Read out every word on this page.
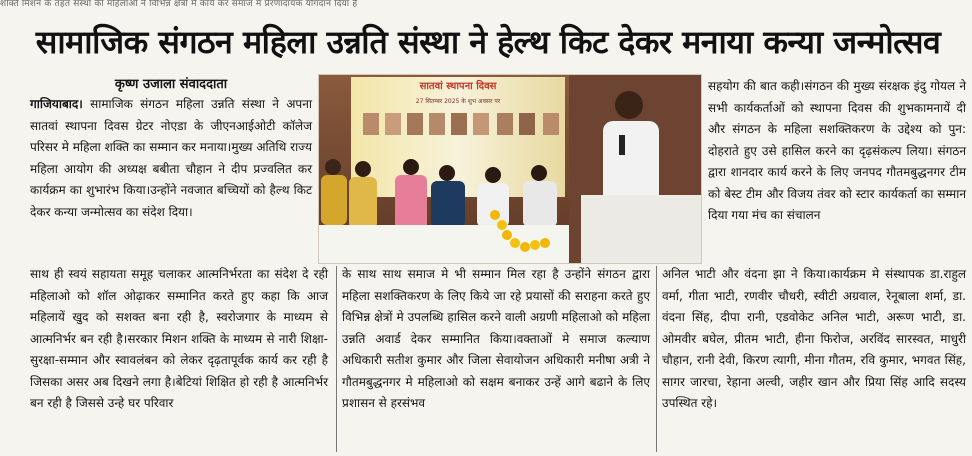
शक्ति मिशन के तहत संस्था की महिलाओं ने विभिन्न क्षेत्रों में कार्य कर समाज में प्रेरणादायक योगदान दिया है
सामाजिक संगठन महिला उन्नति संस्था ने हेल्थ किट देकर मनाया कन्या जन्मोत्सव

कृष्ण उजाला संवाददाता

गाजियाबाद। सामाजिक संगठन महिला उन्नति संस्था ने अपना सातवां स्थापना दिवस ग्रेटर नोएडा के जीएनआईओटी कॉलेज परिसर मे महिला शक्ति का सम्मान कर मनाया।मुख्य अतिथि राज्य महिला आयोग की अध्यक्ष बबीता चौहान ने दीप प्रज्वलित कर कार्यक्रम का शुभारंभ किया।उन्होंने नवजात बच्चियों को हैल्थ किट देकर कन्या जन्मोत्सव का संदेश दिया।

साथ ही स्वयं सहायता समूह चलाकर आत्मनिर्भरता का संदेश दे रही महिलाओ को शॉल ओढ़ाकर सम्मानित करते हुए कहा कि आज महिलायें खुद को सशक्त बना रही है, स्वरोजगार के माध्यम से आत्मनिर्भर बन रही है।सरकार मिशन शक्ति के माध्यम से नारी शिक्षा-सुरक्षा-सम्मान और स्वावलंबन को लेकर दृढ़तापूर्वक कार्य कर रही है जिसका असर अब दिखने लगा है।बेटियां शिक्षित हो रही है आत्मनिर्भर बन रही है जिससे उन्हे घर परिवार

के साथ साथ समाज मे भी सम्मान मिल रहा है उन्होंने संगठन द्वारा महिला सशक्तिकरण के लिए किये जा रहे प्रयासों की सराहना करते हुए विभिन्न क्षेत्रों मे उपलब्धि हासिल करने वाली अग्रणी महिलाओ को महिला उन्नति अवार्ड देकर सम्मानित किया।वक्ताओं मे समाज कल्याण अधिकारी सतीश कुमार और जिला सेवायोजन अधिकारी मनीषा अत्री ने गौतमबुद्धनगर मे महिलाओ को सक्षम बनाकर उन्हें आगे बढाने के लिए प्रशासन से हरसंभव

सहयोग की बात कही।संगठन की मुख्य संरक्षक इंदु गोयल ने सभी कार्यकर्ताओं को स्थापना दिवस की शुभकामनायें दी और संगठन के महिला सशक्तिकरण के उद्देश्य को पुन: दोहराते हुए उसे हासिल करने का दृढ़संकल्प लिया। संगठन द्वारा शानदार कार्य करने के लिए जनपद गौतमबुद्धनगर टीम को बेस्ट टीम और विजय तंवर को स्टार कार्यकर्ता का सम्मान दिया गया मंच का संचालन

अनिल भाटी और वंदना झा ने किया।कार्यक्रम मे संस्थापक डा.राहुल वर्मा, गीता भाटी, रणवीर चौधरी, स्वीटी अग्रवाल, रेनूबाला शर्मा, डा. वंदना सिंह, दीपा रानी, एडवोकेट अनिल भाटी, अरूण भाटी, डा. ओमवीर बघेल, प्रीतम भाटी, हीना फिरोज, अरविंद सारस्वत, माधुरी चौहान, रानी देवी, किरण त्यागी, मीना गौतम, रवि कुमार, भगवत सिंह, सागर जारचा, रेहाना अल्वी, जहीर खान और प्रिया सिंह आदि सदस्य उपस्थित रहे।

सातवां स्थापना दिवस
27 सितम्बर 2025 के शुभ अवसर पर
